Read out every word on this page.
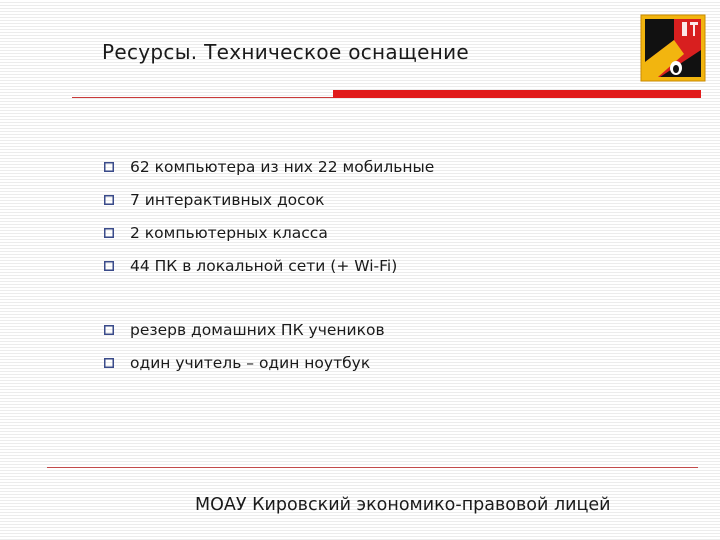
Ресурсы. Техническое оснащение
62 компьютера из них 22 мобильные
7 интерактивных досок
2 компьютерных класса
44 ПК в локальной сети (+ Wi-Fi)
резерв домашних ПК учеников
один учитель – один ноутбук
МОАУ Кировский экономико-правовой лицей
